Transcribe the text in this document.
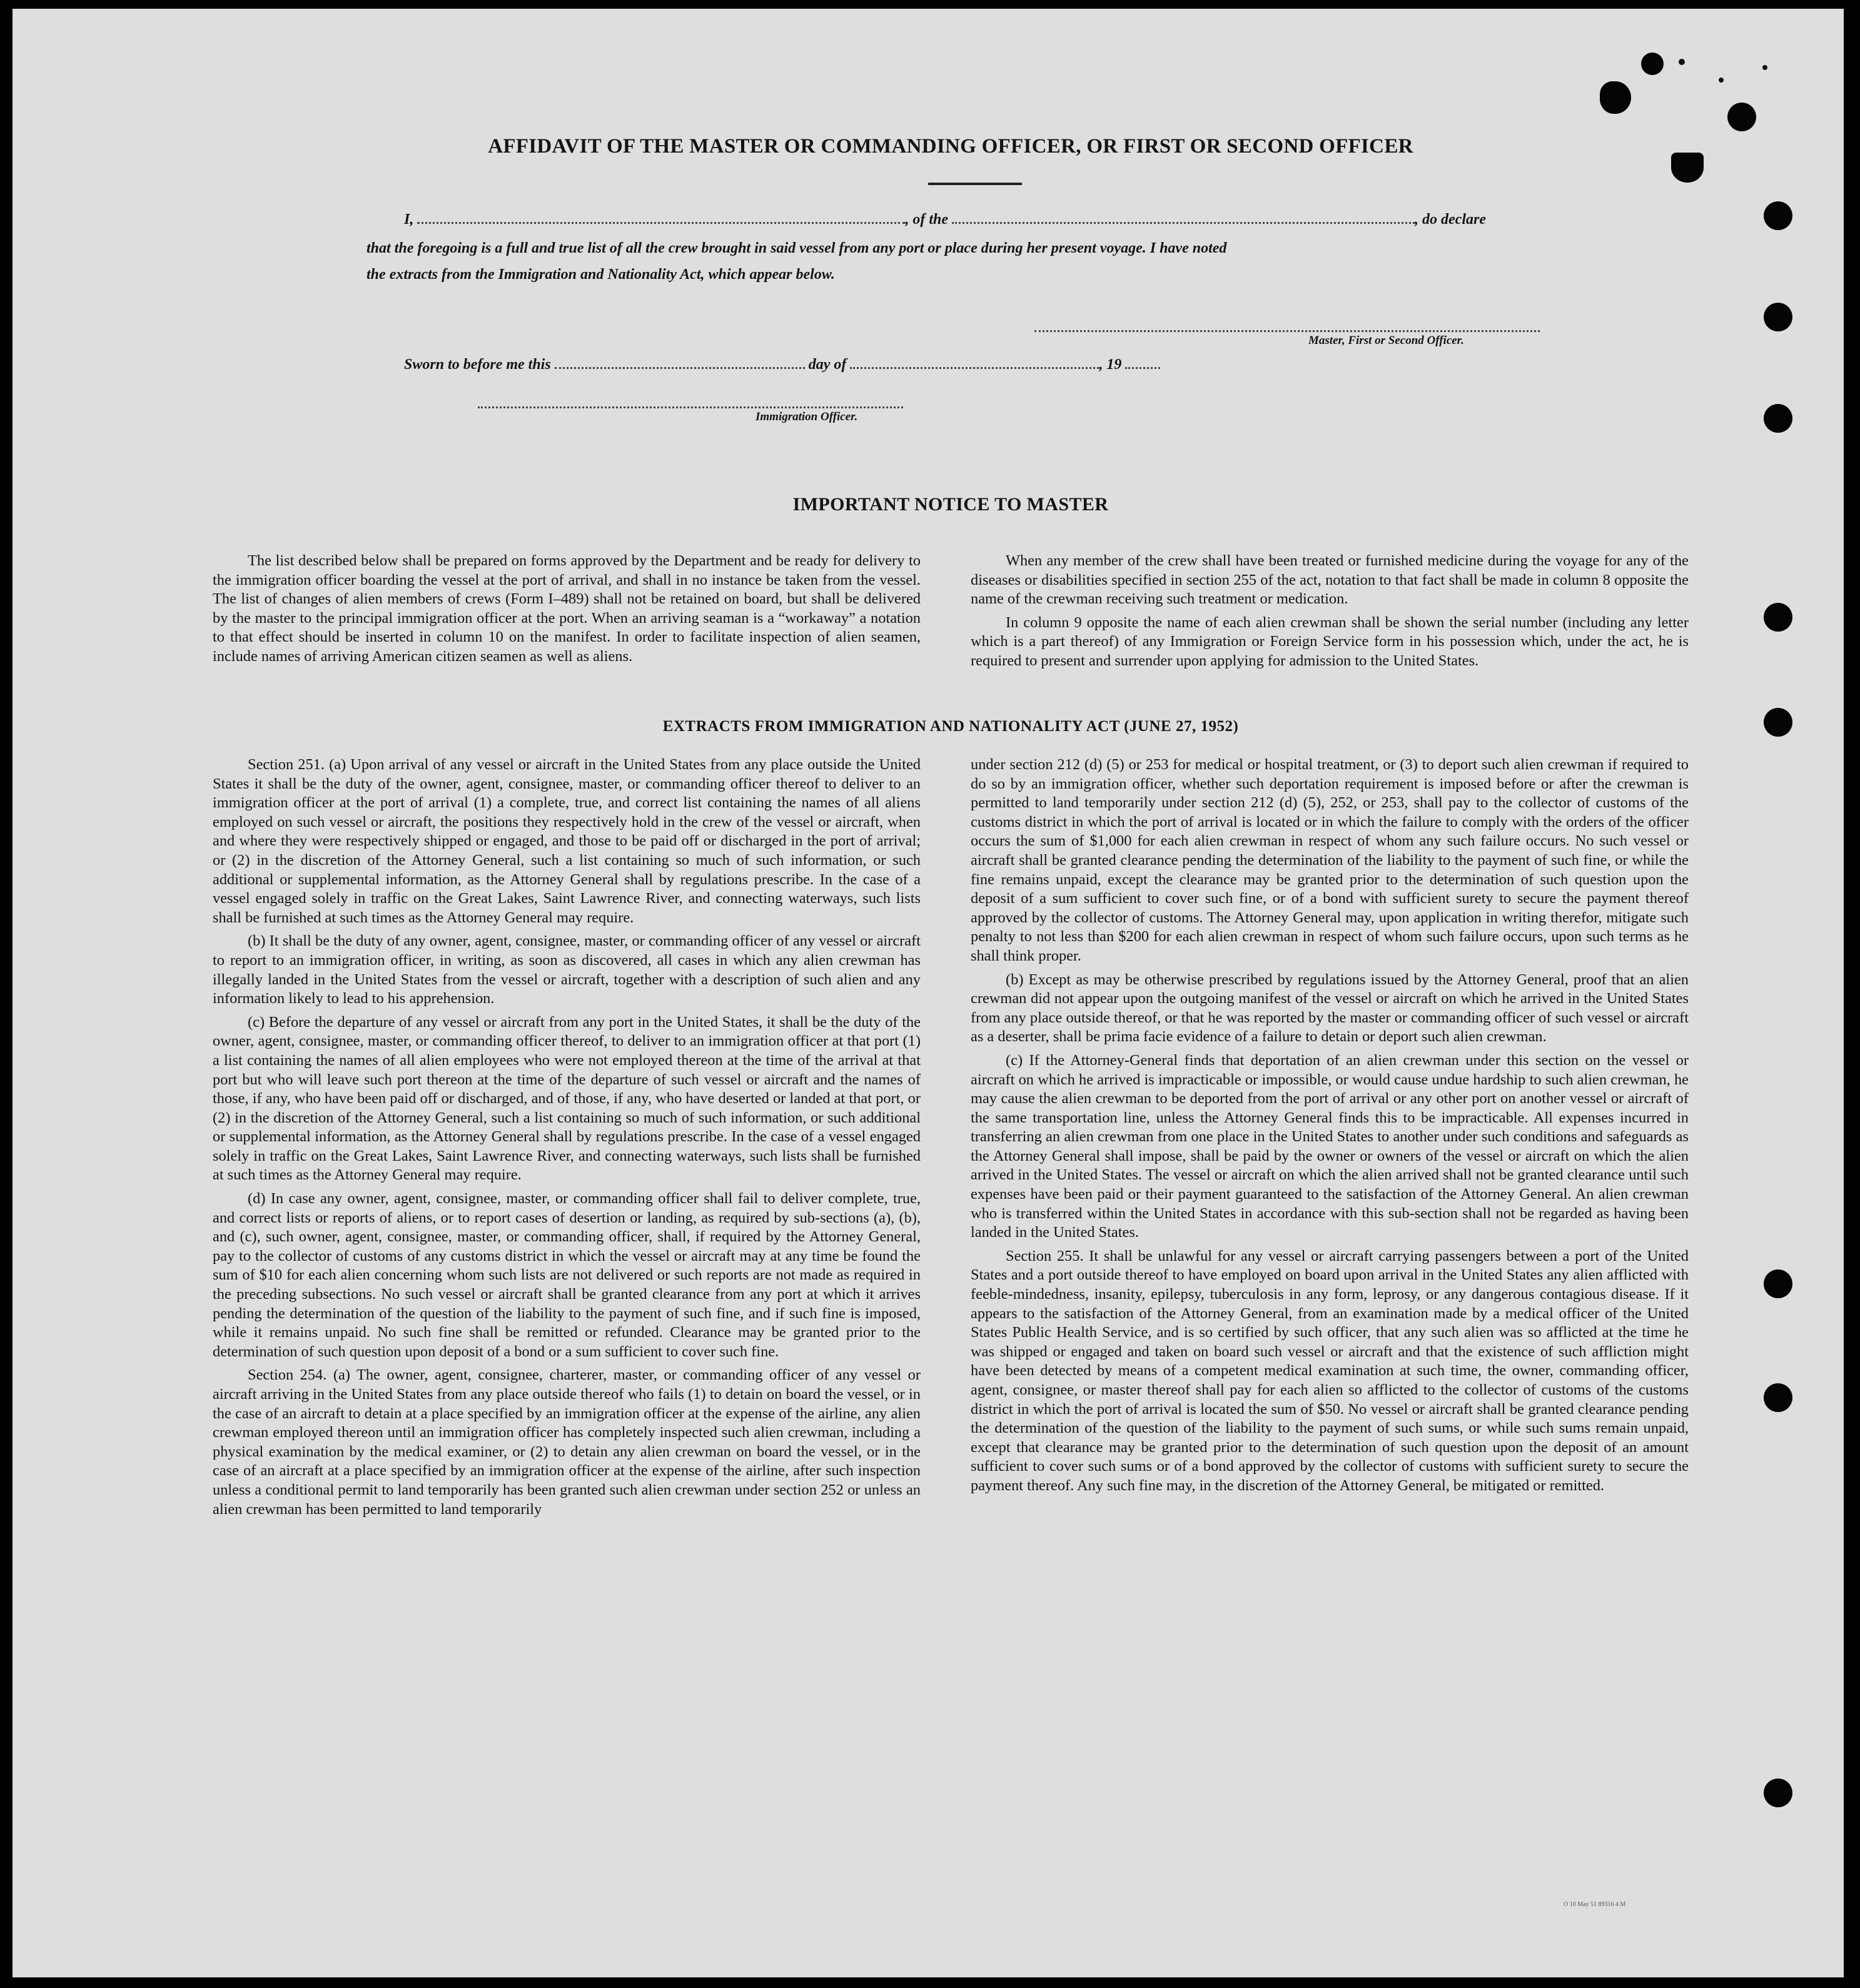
AFFIDAVIT OF THE MASTER OR COMMANDING OFFICER, OR FIRST OR SECOND OFFICER
I,	, of the	, do declare
that the foregoing is a full and true list of all the crew brought in said vessel from any port or place during her present voyage. I have noted
the extracts from the Immigration and Nationality Act, which appear below.
Master, First or Second Officer.
Sworn to before me this	day of	, 19
Immigration Officer.
IMPORTANT NOTICE TO MASTER

The list described below shall be prepared on forms approved by the Department and be ready for delivery to the immigration officer boarding the vessel at the port of arrival, and shall in no instance be taken from the vessel. The list of changes of alien members of crews (Form I–489) shall not be retained on board, but shall be delivered by the master to the principal immigration officer at the port. When an arriving seaman is a “workaway” a notation to that effect should be inserted in column 10 on the manifest. In order to facilitate inspection of alien seamen, include names of arriving American citizen seamen as well as aliens.

When any member of the crew shall have been treated or furnished medicine during the voyage for any of the diseases or disabilities specified in section 255 of the act, notation to that fact shall be made in column 8 opposite the name of the crewman receiving such treatment or medication.

In column 9 opposite the name of each alien crewman shall be shown the serial number (including any letter which is a part thereof) of any Immigration or Foreign Service form in his possession which, under the act, he is required to present and surrender upon applying for admission to the United States.

EXTRACTS FROM IMMIGRATION AND NATIONALITY ACT (JUNE 27, 1952)

Section 251. (a) Upon arrival of any vessel or aircraft in the United States from any place outside the United States it shall be the duty of the owner, agent, consignee, master, or commanding officer thereof to deliver to an immigration officer at the port of arrival (1) a complete, true, and correct list containing the names of all aliens employed on such vessel or aircraft, the positions they respectively hold in the crew of the vessel or aircraft, when and where they were respectively shipped or engaged, and those to be paid off or discharged in the port of arrival; or (2) in the discretion of the Attorney General, such a list containing so much of such information, or such additional or supplemental information, as the Attorney General shall by regulations prescribe. In the case of a vessel engaged solely in traffic on the Great Lakes, Saint Lawrence River, and connecting waterways, such lists shall be furnished at such times as the Attorney General may require.

(b) It shall be the duty of any owner, agent, consignee, master, or commanding officer of any vessel or aircraft to report to an immigration officer, in writing, as soon as discovered, all cases in which any alien crewman has illegally landed in the United States from the vessel or aircraft, together with a description of such alien and any information likely to lead to his apprehension.

(c) Before the departure of any vessel or aircraft from any port in the United States, it shall be the duty of the owner, agent, consignee, master, or commanding officer thereof, to deliver to an immigration officer at that port (1) a list containing the names of all alien employees who were not employed thereon at the time of the arrival at that port but who will leave such port thereon at the time of the departure of such vessel or aircraft and the names of those, if any, who have been paid off or discharged, and of those, if any, who have deserted or landed at that port, or (2) in the discretion of the Attorney General, such a list containing so much of such information, or such additional or supplemental information, as the Attorney General shall by regulations prescribe. In the case of a vessel engaged solely in traffic on the Great Lakes, Saint Lawrence River, and connecting waterways, such lists shall be furnished at such times as the Attorney General may require.

(d) In case any owner, agent, consignee, master, or commanding officer shall fail to deliver complete, true, and correct lists or reports of aliens, or to report cases of desertion or landing, as required by sub-sections (a), (b), and (c), such owner, agent, consignee, master, or commanding officer, shall, if required by the Attorney General, pay to the collector of customs of any customs district in which the vessel or aircraft may at any time be found the sum of $10 for each alien concerning whom such lists are not delivered or such reports are not made as required in the preceding subsections. No such vessel or aircraft shall be granted clearance from any port at which it arrives pending the determination of the question of the liability to the payment of such fine, and if such fine is imposed, while it remains unpaid. No such fine shall be remitted or refunded. Clearance may be granted prior to the determination of such question upon deposit of a bond or a sum sufficient to cover such fine.

Section 254. (a) The owner, agent, consignee, charterer, master, or commanding officer of any vessel or aircraft arriving in the United States from any place outside thereof who fails (1) to detain on board the vessel, or in the case of an aircraft to detain at a place specified by an immigration officer at the expense of the airline, any alien crewman employed thereon until an immigration officer has completely inspected such alien crewman, including a physical examination by the medical examiner, or (2) to detain any alien crewman on board the vessel, or in the case of an aircraft at a place specified by an immigration officer at the expense of the airline, after such inspection unless a conditional permit to land temporarily has been granted such alien crewman under section 252 or unless an alien crewman has been permitted to land temporarily

under section 212 (d) (5) or 253 for medical or hospital treatment, or (3) to deport such alien crewman if required to do so by an immigration officer, whether such deportation requirement is imposed before or after the crewman is permitted to land temporarily under section 212 (d) (5), 252, or 253, shall pay to the collector of customs of the customs district in which the port of arrival is located or in which the failure to comply with the orders of the officer occurs the sum of $1,000 for each alien crewman in respect of whom any such failure occurs. No such vessel or aircraft shall be granted clearance pending the determination of the liability to the payment of such fine, or while the fine remains unpaid, except the clearance may be granted prior to the determination of such question upon the deposit of a sum sufficient to cover such fine, or of a bond with sufficient surety to secure the payment thereof approved by the collector of customs. The Attorney General may, upon application in writing therefor, mitigate such penalty to not less than $200 for each alien crewman in respect of whom such failure occurs, upon such terms as he shall think proper.

(b) Except as may be otherwise prescribed by regulations issued by the Attorney General, proof that an alien crewman did not appear upon the outgoing manifest of the vessel or aircraft on which he arrived in the United States from any place outside thereof, or that he was reported by the master or commanding officer of such vessel or aircraft as a deserter, shall be prima facie evidence of a failure to detain or deport such alien crewman.

(c) If the Attorney-General finds that deportation of an alien crewman under this section on the vessel or aircraft on which he arrived is impracticable or impossible, or would cause undue hardship to such alien crewman, he may cause the alien crewman to be deported from the port of arrival or any other port on another vessel or aircraft of the same transportation line, unless the Attorney General finds this to be impracticable. All expenses incurred in transferring an alien crewman from one place in the United States to another under such conditions and safeguards as the Attorney General shall impose, shall be paid by the owner or owners of the vessel or aircraft on which the alien arrived in the United States. The vessel or aircraft on which the alien arrived shall not be granted clearance until such expenses have been paid or their payment guaranteed to the satisfaction of the Attorney General. An alien crewman who is transferred within the United States in accordance with this sub-section shall not be regarded as having been landed in the United States.

Section 255. It shall be unlawful for any vessel or aircraft carrying passengers between a port of the United States and a port outside thereof to have employed on board upon arrival in the United States any alien afflicted with feeble-mindedness, insanity, epilepsy, tuberculosis in any form, leprosy, or any dangerous contagious disease. If it appears to the satisfaction of the Attorney General, from an examination made by a medical officer of the United States Public Health Service, and is so certified by such officer, that any such alien was so afflicted at the time he was shipped or engaged and taken on board such vessel or aircraft and that the existence of such affliction might have been detected by means of a competent medical examination at such time, the owner, commanding officer, agent, consignee, or master thereof shall pay for each alien so afflicted to the collector of customs of the customs district in which the port of arrival is located the sum of $50. No vessel or aircraft shall be granted clearance pending the determination of the question of the liability to the payment of such sums, or while such sums remain unpaid, except that clearance may be granted prior to the determination of such question upon the deposit of an amount sufficient to cover such sums or of a bond approved by the collector of customs with sufficient surety to secure the payment thereof. Any such fine may, in the discretion of the Attorney General, be mitigated or remitted.

O 10 May 51 89316 4 M
